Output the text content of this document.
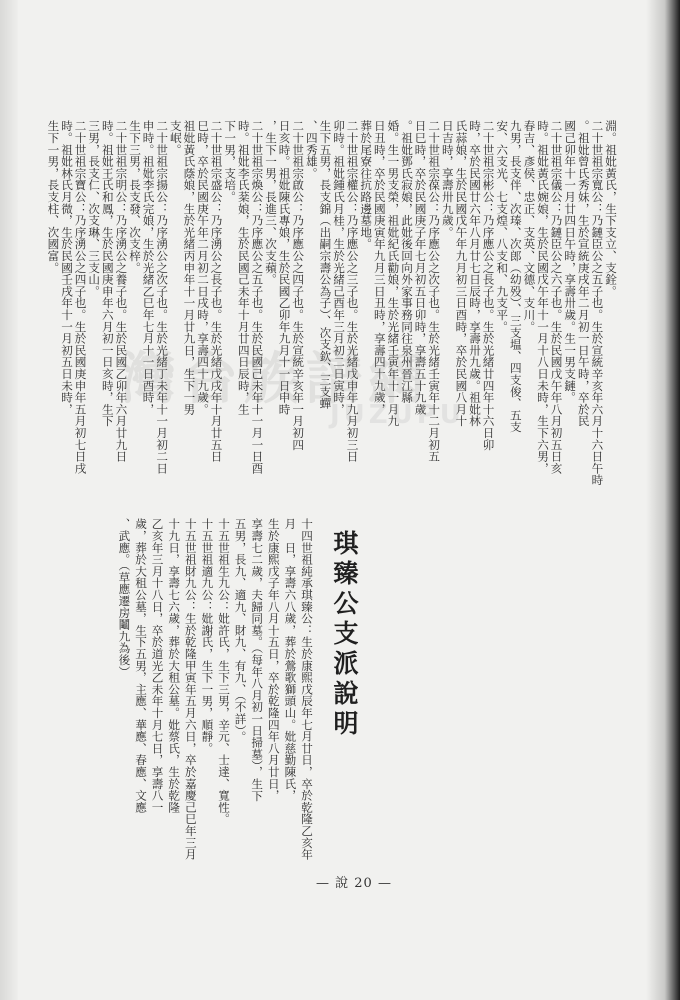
淵。祖妣黃氏，生下支立、支銓。
二十世祖宗寬公：乃鏈臣公之五子也。生於宣統辛亥年六月十六日午時
。祖妣曾氏秀妹，生於宣統庚戌年二月初一日午時，卒於民
國己卯年十一月廿四日午時，享壽卅歲。生一男支鏈。
二十世祖宗儀公：乃鏈臣公之六子也。生於民國戊午年八月初五日亥
時。祖妣黃氏婉娘，生於民國戊午年十一月十八日未時，生下六男，
春吉、彥侯、忠正、支英、文德、支川。
九男，長支伴、次瑧、次郎（幼殁）、三支塭、四支俊、五支
安、六支光、七支煌、八支和、九支平。
二十世祖宗彬公：乃序應公之長子也。生於光緒廿四年十六日卯
時，卒於民國廿六年八月廿七日辰時，享壽卅九歲。祖妣林
氏蒜娘，生於民國戊午年九月初三日酉時，卒於民國八月十
日吉時，享壽卅九歲。
二十世祖宗葆公：乃序應公之次子也。生於光緒壬寅年十二月初五
日巳時，卒於民國庚子年七月初五日卯時，享壽五十九歲
。祖妣鄧氏寂娘，此妣後回向外家事務同往泉州晉江縣
婚。生一男支榮，祖妣紀氏勸娘，生於光緒壬寅年十一月九
日丑時，卒於民國庚寅年九月三日丑時，享壽四十九歲，
葬於尾寮往抗路邊墓地。
二十世祖宗權公：乃序應公之三子也。生於光緒戊申年九月初三日
卯時。祖妣鍾氏月桂，生於光緒己酉年三月初二日寅時，
生下五男，長支錦（出嗣宗壽公為子）、次支欽、三支蟬
、四秀雄。
二十世祖宗啟公：乃序應公之四子也。生於宣統辛亥年一月初四
日亥時。祖妣陳氏專娘，生於民國乙卯年九月十一日申時
，生下一男，長進三、次支蘋。
二十世祖宗煥公：乃序應公之五子也。生於民國己未年十一月一日酉
時。祖妣李氏棻娘，生於民國己未年十月廿四日辰時，生
下一男，支培。
二十世祖宗盛公：乃序湧公之長子也。生於光緒戊戌年十月廿五日
巳時，卒於民國庚午年二月初二日戌時，享壽四十九歲。
祖妣黃氏蔭娘，生於光緒丙申年十一月廿九日，生下一男
支岷。
二十世祖宗揚公：乃序湧公之次子也。生於光緒丁未年十一月初二日
申時。祖妣李氏完娘，生於光緒乙巳年七月十一日酉時，
生下三男，長支發、次支梓。
二十世祖宗明公：乃序湧公之養子也。生於民國乙卯年六月廿九日
時。祖妣王氏和鳳，生於民國庚申年六月初一日亥時，生下
三男，長支仁、次支琳、三支山。
二十世祖宗寶公：乃序湧公之四子也。生於民國庚申年五月初七日戌
時。祖妣林氏月微，生於民國壬戌年十一月初五日未時，
生下一男，長支柱、次國富。
琪臻公支派說明
十四世祖純承琪臻公：生於康熙戊辰年七月廿日，卒於乾隆乙亥年
月　日，享壽六八歲，葬於鶯歌獅頭山。妣慈勤陳氏，
生於康熙戊子年八月十五日，卒於乾隆四年八月廿日，
享壽七二歲，夫歸同墓。（每年八月初一日掃墓），生下
五男，長九、適九、財九、有九、（不詳）。
十五世祖生九公：妣許氏，生下三男，辛元、士達、寬性。
十五世祖適九公：妣謝氏，生下一男，順靜。
十五世祖財九公：生於乾隆甲寅年五月六日，卒於嘉慶己巳年三月
十九日，享壽七六歲，葬於大租公墓。妣蔡氏，生於乾隆
乙亥年三月十八日，卒於道光乙未年十月七日，享壽八一
歲，葬於大租公墓，生下五男，主應、華應、春應、文應
、武應。（草應遷房鬮九為後）
灣台族譜網
JUZUPU
— 說 20 —
